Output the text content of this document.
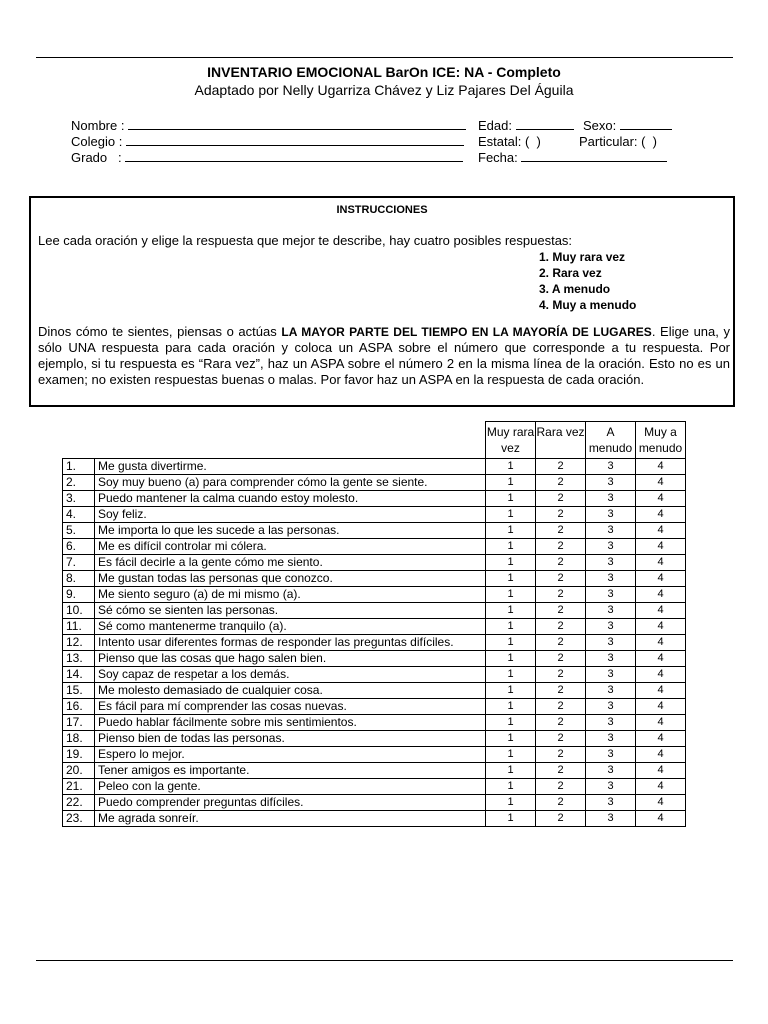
INVENTARIO EMOCIONAL BarOn ICE: NA - Completo
Adaptado por Nelly Ugarriza Chávez y Liz Pajares Del Águila
Nombre :
Colegio :
Grado   :
Edad:	Sexo:
Estatal: (  )	Particular: (  )
Fecha:
INSTRUCCIONES
Lee cada oración y elige la respuesta que mejor te describe, hay cuatro posibles respuestas:
1. Muy rara vez
2. Rara vez
3. A menudo
4. Muy a menudo

Dinos cómo te sientes, piensas o actúas LA MAYOR PARTE DEL TIEMPO EN LA MAYORÍA DE LUGARES. Elige una, y sólo UNA respuesta para cada oración y coloca un ASPA sobre el número que corresponde a tu respuesta. Por ejemplo, si tu respuesta es “Rara vez”, haz un ASPA sobre el número 2 en la misma línea de la oración. Esto no es un examen; no existen respuestas buenas o malas. Por favor haz un ASPA en la respuesta de cada oración.

		Muy rara vez	Rara vez	A menudo	Muy a menudo
1.	Me gusta divertirme.	1	2	3	4
2.	Soy muy bueno (a) para comprender cómo la gente se siente.	1	2	3	4
3.	Puedo mantener la calma cuando estoy molesto.	1	2	3	4
4.	Soy feliz.	1	2	3	4
5.	Me importa lo que les sucede a las personas.	1	2	3	4
6.	Me es difícil controlar mi cólera.	1	2	3	4
7.	Es fácil decirle a la gente cómo me siento.	1	2	3	4
8.	Me gustan todas las personas que conozco.	1	2	3	4
9.	Me siento seguro (a) de mi mismo (a).	1	2	3	4
10.	Sé cómo se sienten las personas.	1	2	3	4
11.	Sé como mantenerme tranquilo (a).	1	2	3	4
12.	Intento usar diferentes formas de responder las preguntas difíciles.	1	2	3	4
13.	Pienso que las cosas que hago salen bien.	1	2	3	4
14.	Soy capaz de respetar a los demás.	1	2	3	4
15.	Me molesto demasiado de cualquier cosa.	1	2	3	4
16.	Es fácil para mí comprender las cosas nuevas.	1	2	3	4
17.	Puedo hablar fácilmente sobre mis sentimientos.	1	2	3	4
18.	Pienso bien de todas las personas.	1	2	3	4
19.	Espero lo mejor.	1	2	3	4
20.	Tener amigos es importante.	1	2	3	4
21.	Peleo con la gente.	1	2	3	4
22.	Puedo comprender preguntas difíciles.	1	2	3	4
23.	Me agrada sonreír.	1	2	3	4
